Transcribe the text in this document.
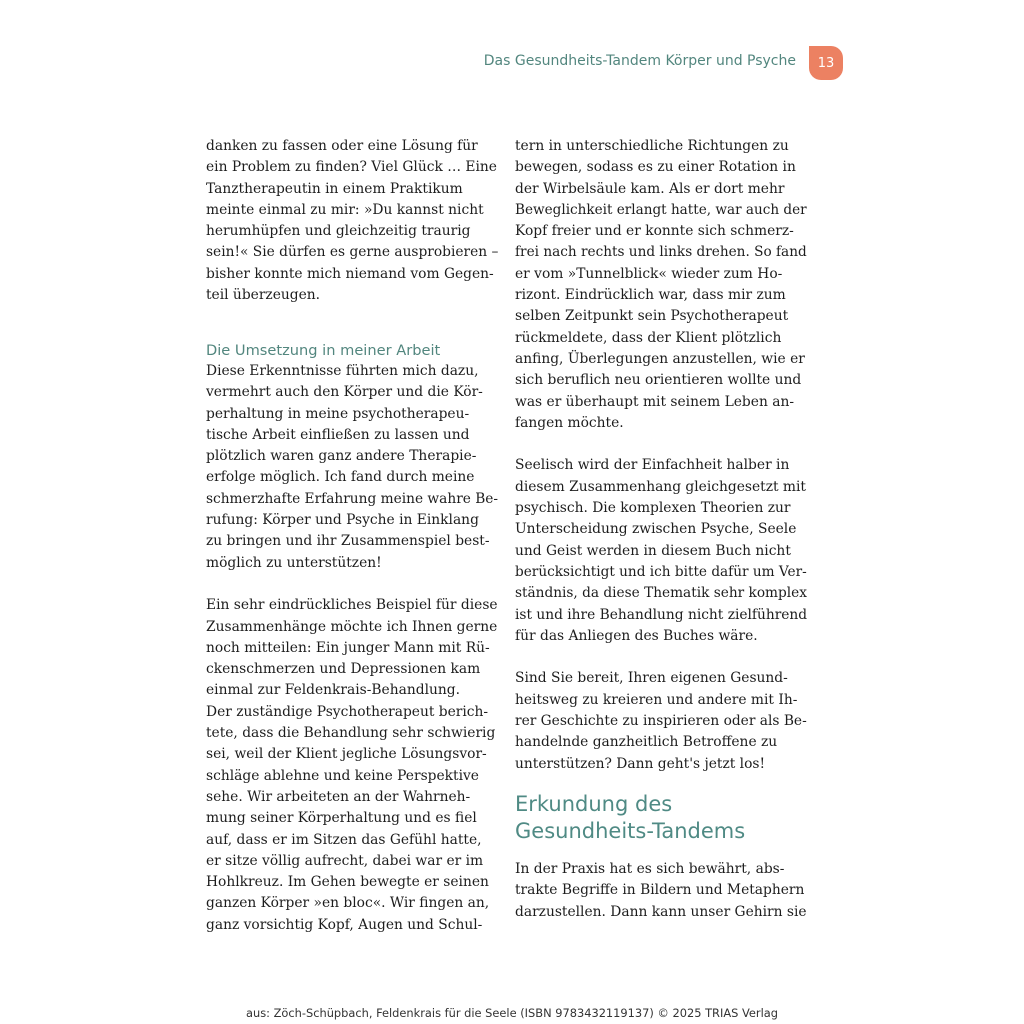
Das Gesundheits-Tandem Körper und Psyche	13
danken zu fassen oder eine Lösung für
ein Problem zu finden? Viel Glück … Eine
Tanztherapeutin in einem Praktikum
meinte einmal zu mir: »Du kannst nicht
herumhüpfen und gleichzeitig traurig
sein!« Sie dürfen es gerne ausprobieren –
bisher konnte mich niemand vom Gegen-
teil überzeugen.
Die Umsetzung in meiner Arbeit
Diese Erkenntnisse führten mich dazu,
vermehrt auch den Körper und die Kör-
perhaltung in meine psychotherapeu-
tische Arbeit einfließen zu lassen und
plötzlich waren ganz andere Therapie-
erfolge möglich. Ich fand durch meine
schmerzhafte Erfahrung meine wahre Be-
rufung: Körper und Psyche in Einklang
zu bringen und ihr Zusammenspiel best-
möglich zu unterstützen!
Ein sehr eindrückliches Beispiel für diese
Zusammenhänge möchte ich Ihnen gerne
noch mitteilen: Ein junger Mann mit Rü-
ckenschmerzen und Depressionen kam
einmal zur Feldenkrais-Behandlung.
Der zuständige Psychotherapeut berich-
tete, dass die Behandlung sehr schwierig
sei, weil der Klient jegliche Lösungsvor-
schläge ablehne und keine Perspektive
sehe. Wir arbeiteten an der Wahrneh-
mung seiner Körperhaltung und es fiel
auf, dass er im Sitzen das Gefühl hatte,
er sitze völlig aufrecht, dabei war er im
Hohlkreuz. Im Gehen bewegte er seinen
ganzen Körper »en bloc«. Wir fingen an,
ganz vorsichtig Kopf, Augen und Schul-
tern in unterschiedliche Richtungen zu
bewegen, sodass es zu einer Rotation in
der Wirbelsäule kam. Als er dort mehr
Beweglichkeit erlangt hatte, war auch der
Kopf freier und er konnte sich schmerz-
frei nach rechts und links drehen. So fand
er vom »Tunnelblick« wieder zum Ho-
rizont. Eindrücklich war, dass mir zum
selben Zeitpunkt sein Psychotherapeut
rückmeldete, dass der Klient plötzlich
anfing, Überlegungen anzustellen, wie er
sich beruflich neu orientieren wollte und
was er überhaupt mit seinem Leben an-
fangen möchte.
Seelisch wird der Einfachheit halber in
diesem Zusammenhang gleichgesetzt mit
psychisch. Die komplexen Theorien zur
Unterscheidung zwischen Psyche, Seele
und Geist werden in diesem Buch nicht
berücksichtigt und ich bitte dafür um Ver-
ständnis, da diese Thematik sehr komplex
ist und ihre Behandlung nicht zielführend
für das Anliegen des Buches wäre.
Sind Sie bereit, Ihren eigenen Gesund-
heitsweg zu kreieren und andere mit Ih-
rer Geschichte zu inspirieren oder als Be-
handelnde ganzheitlich Betroffene zu
unterstützen? Dann geht's jetzt los!
Erkundung des
Gesundheits-Tandems
In der Praxis hat es sich bewährt, abs-
trakte Begriffe in Bildern und Metaphern
darzustellen. Dann kann unser Gehirn sie
aus: Zöch-Schüpbach, Feldenkrais für die Seele (ISBN 9783432119137) © 2025 TRIAS Verlag
